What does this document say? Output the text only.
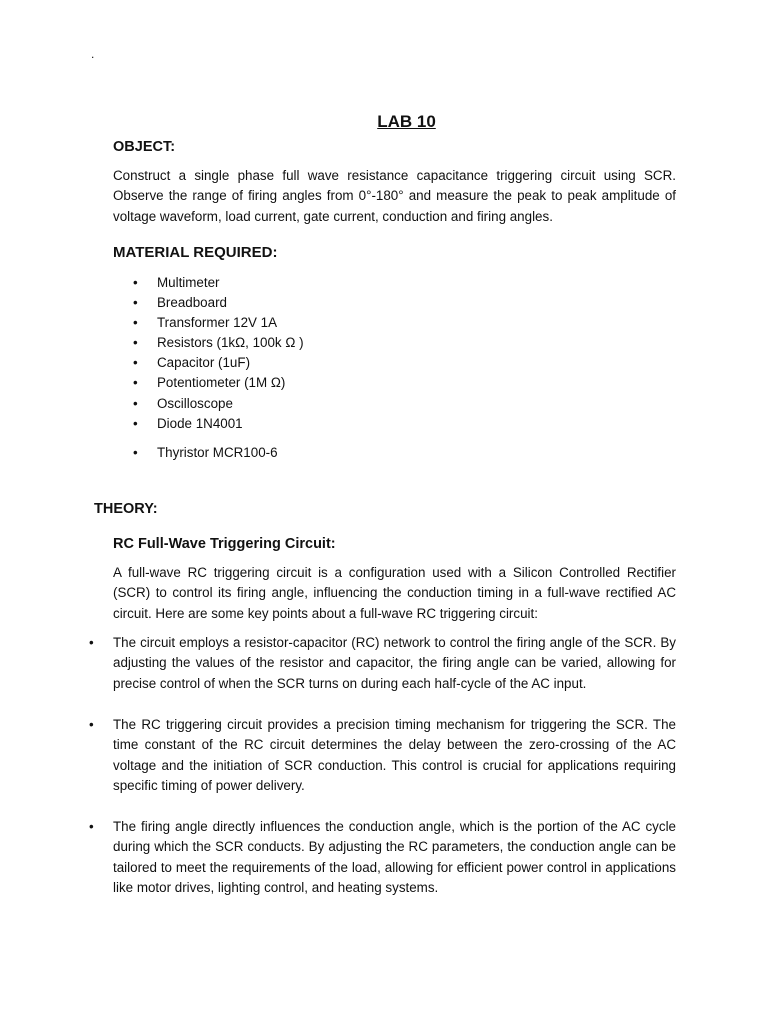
.
LAB 10
OBJECT:

Construct a single phase full wave resistance capacitance triggering circuit using SCR. Observe the range of firing angles from 0°-180° and measure the peak to peak amplitude of voltage waveform, load current, gate current, conduction and firing angles.

MATERIAL REQUIRED:
• Multimeter
• Breadboard
• Transformer 12V 1A
• Resistors (1kΩ, 100k Ω )
• Capacitor (1uF)
• Potentiometer (1M Ω)
• Oscilloscope
• Diode 1N4001
• Thyristor MCR100-6
THEORY:
RC Full-Wave Triggering Circuit:

A full-wave RC triggering circuit is a configuration used with a Silicon Controlled Rectifier (SCR) to control its firing angle, influencing the conduction timing in a full-wave rectified AC circuit. Here are some key points about a full-wave RC triggering circuit:

• The circuit employs a resistor-capacitor (RC) network to control the firing angle of the SCR. By adjusting the values of the resistor and capacitor, the firing angle can be varied, allowing for precise control of when the SCR turns on during each half-cycle of the AC input.
• The RC triggering circuit provides a precision timing mechanism for triggering the SCR. The time constant of the RC circuit determines the delay between the zero-crossing of the AC voltage and the initiation of SCR conduction. This control is crucial for applications requiring specific timing of power delivery.
• The firing angle directly influences the conduction angle, which is the portion of the AC cycle during which the SCR conducts. By adjusting the RC parameters, the conduction angle can be tailored to meet the requirements of the load, allowing for efficient power control in applications like motor drives, lighting control, and heating systems.
